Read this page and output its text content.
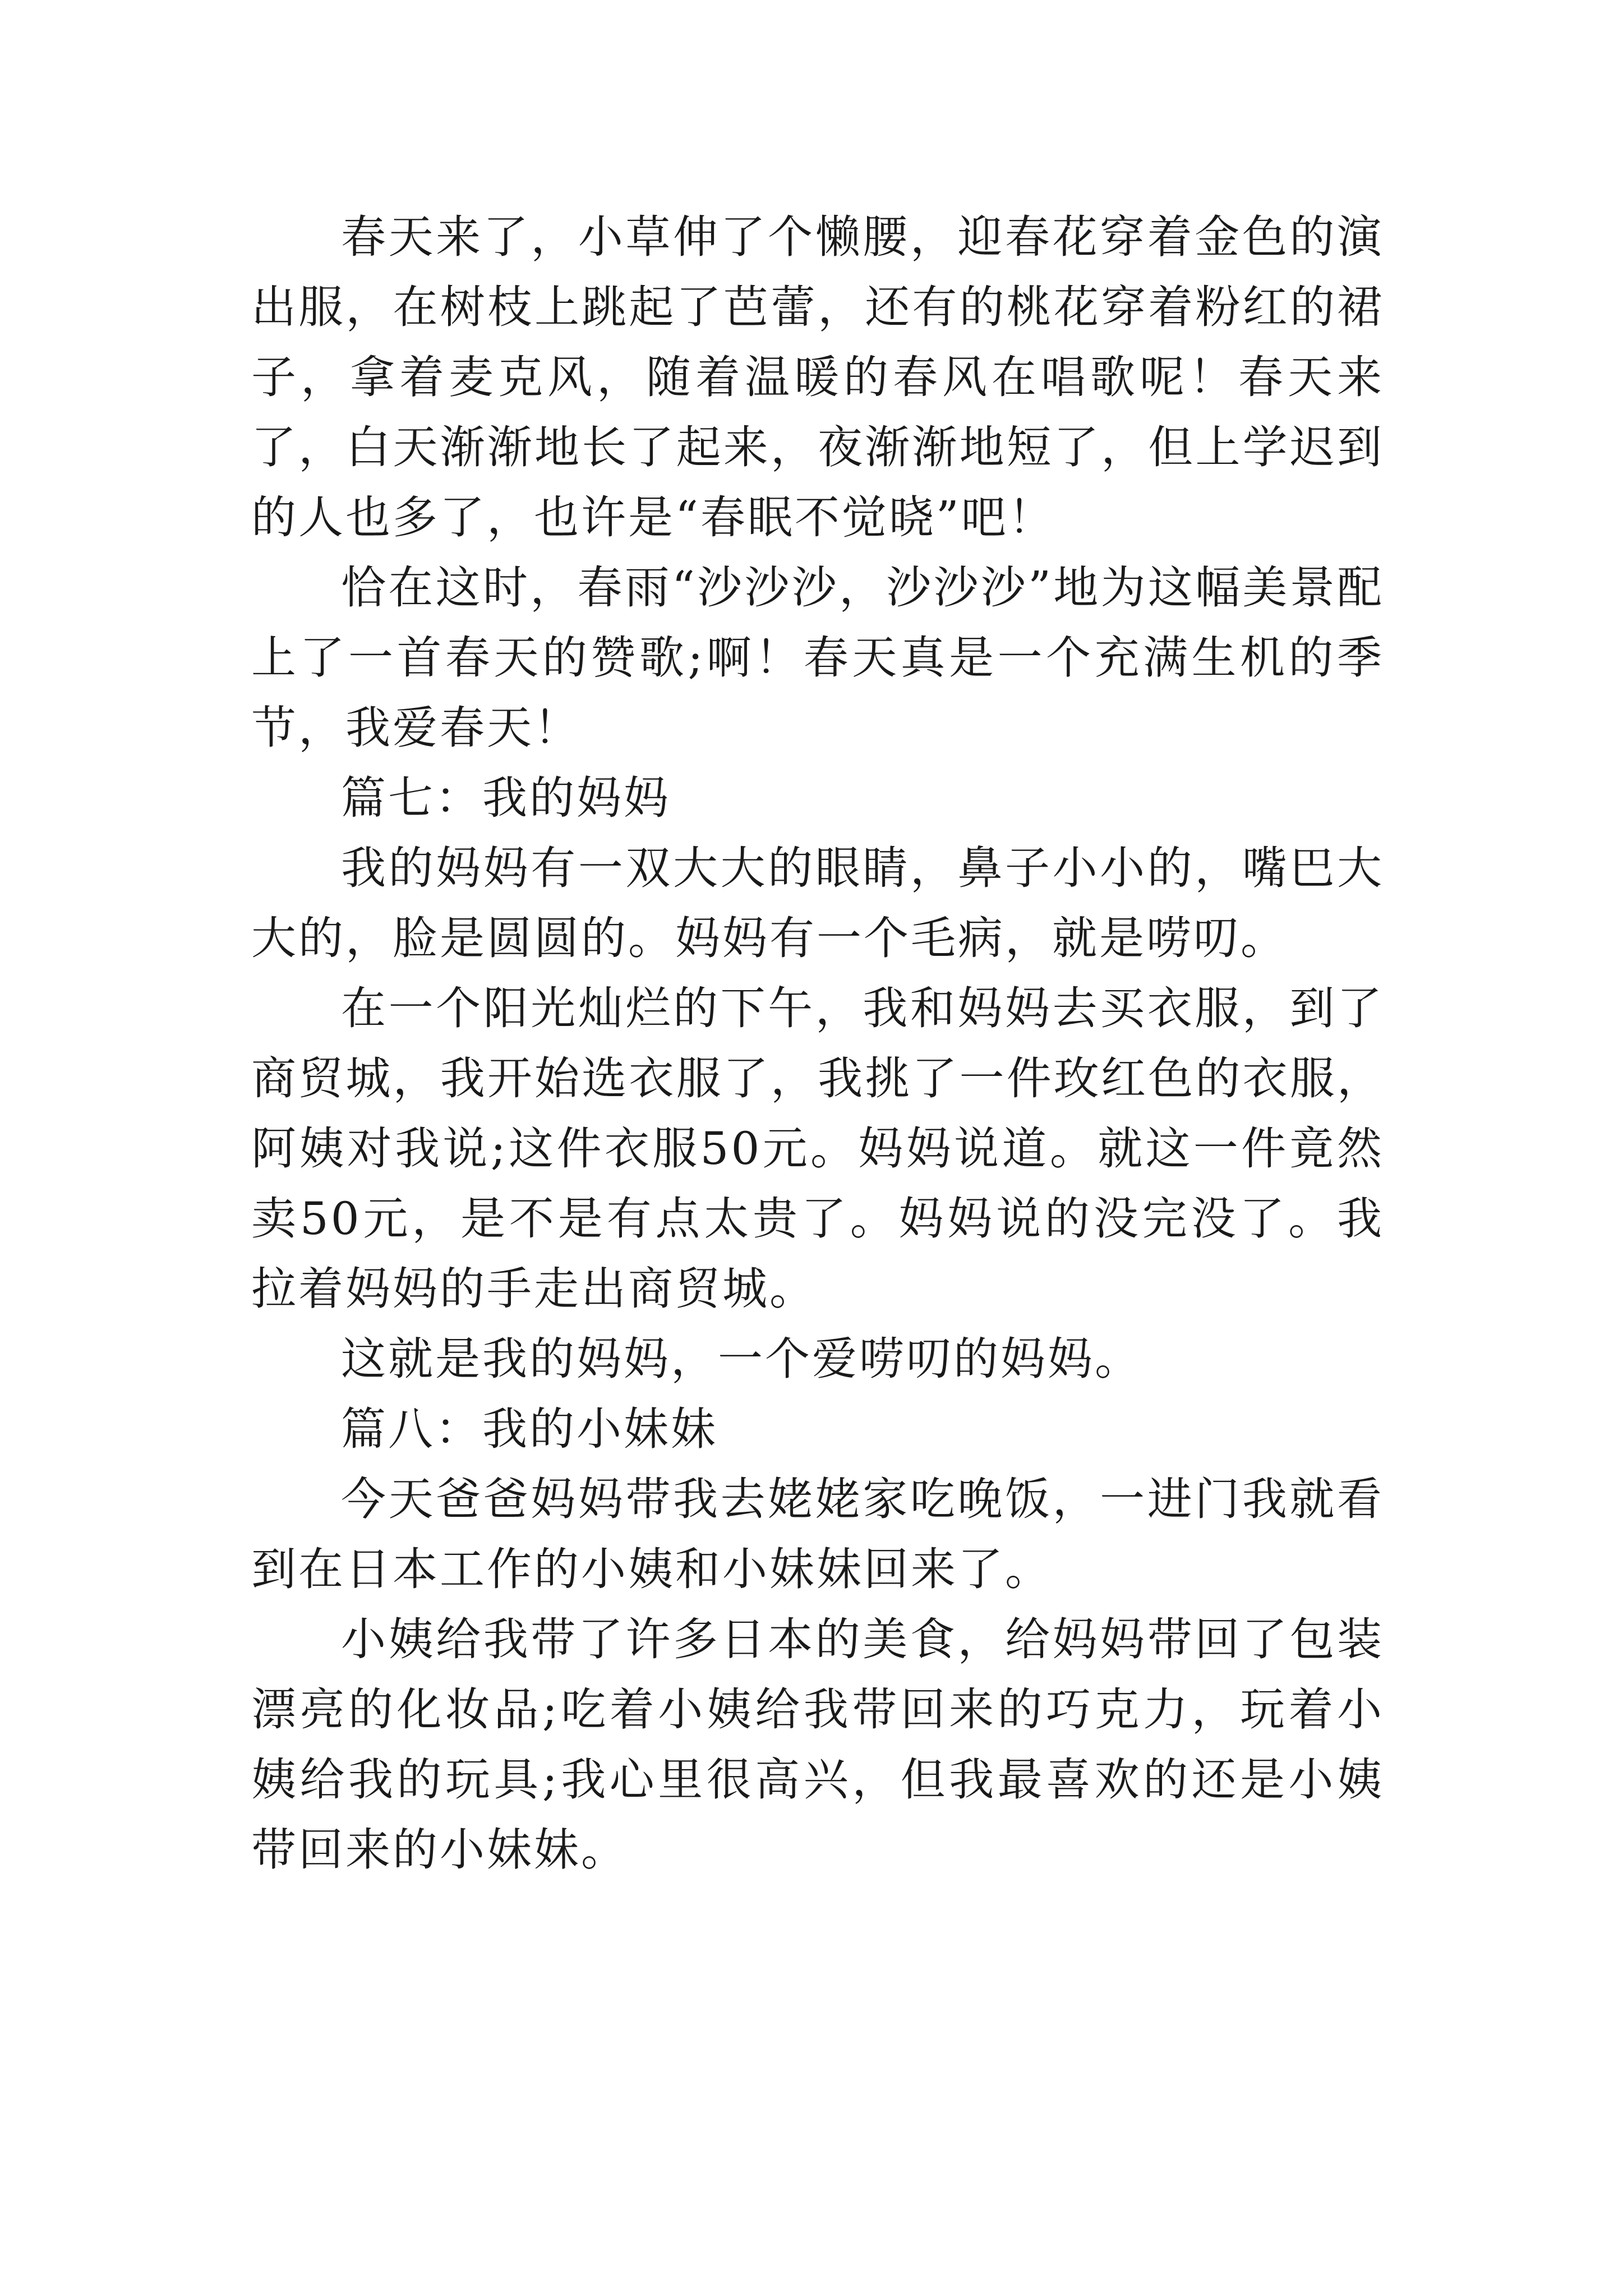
春天来了，小草伸了个懒腰，迎春花穿着金色的演出服，在树枝上跳起了芭蕾，还有的桃花穿着粉红的裙子，拿着麦克风，随着温暖的春风在唱歌呢！春天来了，白天渐渐地长了起来，夜渐渐地短了，但上学迟到的人也多了，也许是“春眠不觉晓”吧！

恰在这时，春雨“沙沙沙，沙沙沙”地为这幅美景配上了一首春天的赞歌;啊！春天真是一个充满生机的季节，我爱春天！

篇七：我的妈妈

我的妈妈有一双大大的眼睛，鼻子小小的，嘴巴大大的，脸是圆圆的。妈妈有一个毛病，就是唠叨。

在一个阳光灿烂的下午，我和妈妈去买衣服，到了商贸城，我开始选衣服了，我挑了一件玫红色的衣服，阿姨对我说;这件衣服50元。妈妈说道。就这一件竟然卖50元，是不是有点太贵了。妈妈说的没完没了。我拉着妈妈的手走出商贸城。

这就是我的妈妈，一个爱唠叨的妈妈。

篇八：我的小妹妹

今天爸爸妈妈带我去姥姥家吃晚饭，一进门我就看到在日本工作的小姨和小妹妹回来了。

小姨给我带了许多日本的美食，给妈妈带回了包装漂亮的化妆品;吃着小姨给我带回来的巧克力，玩着小姨给我的玩具;我心里很高兴，但我最喜欢的还是小姨带回来的小妹妹。
